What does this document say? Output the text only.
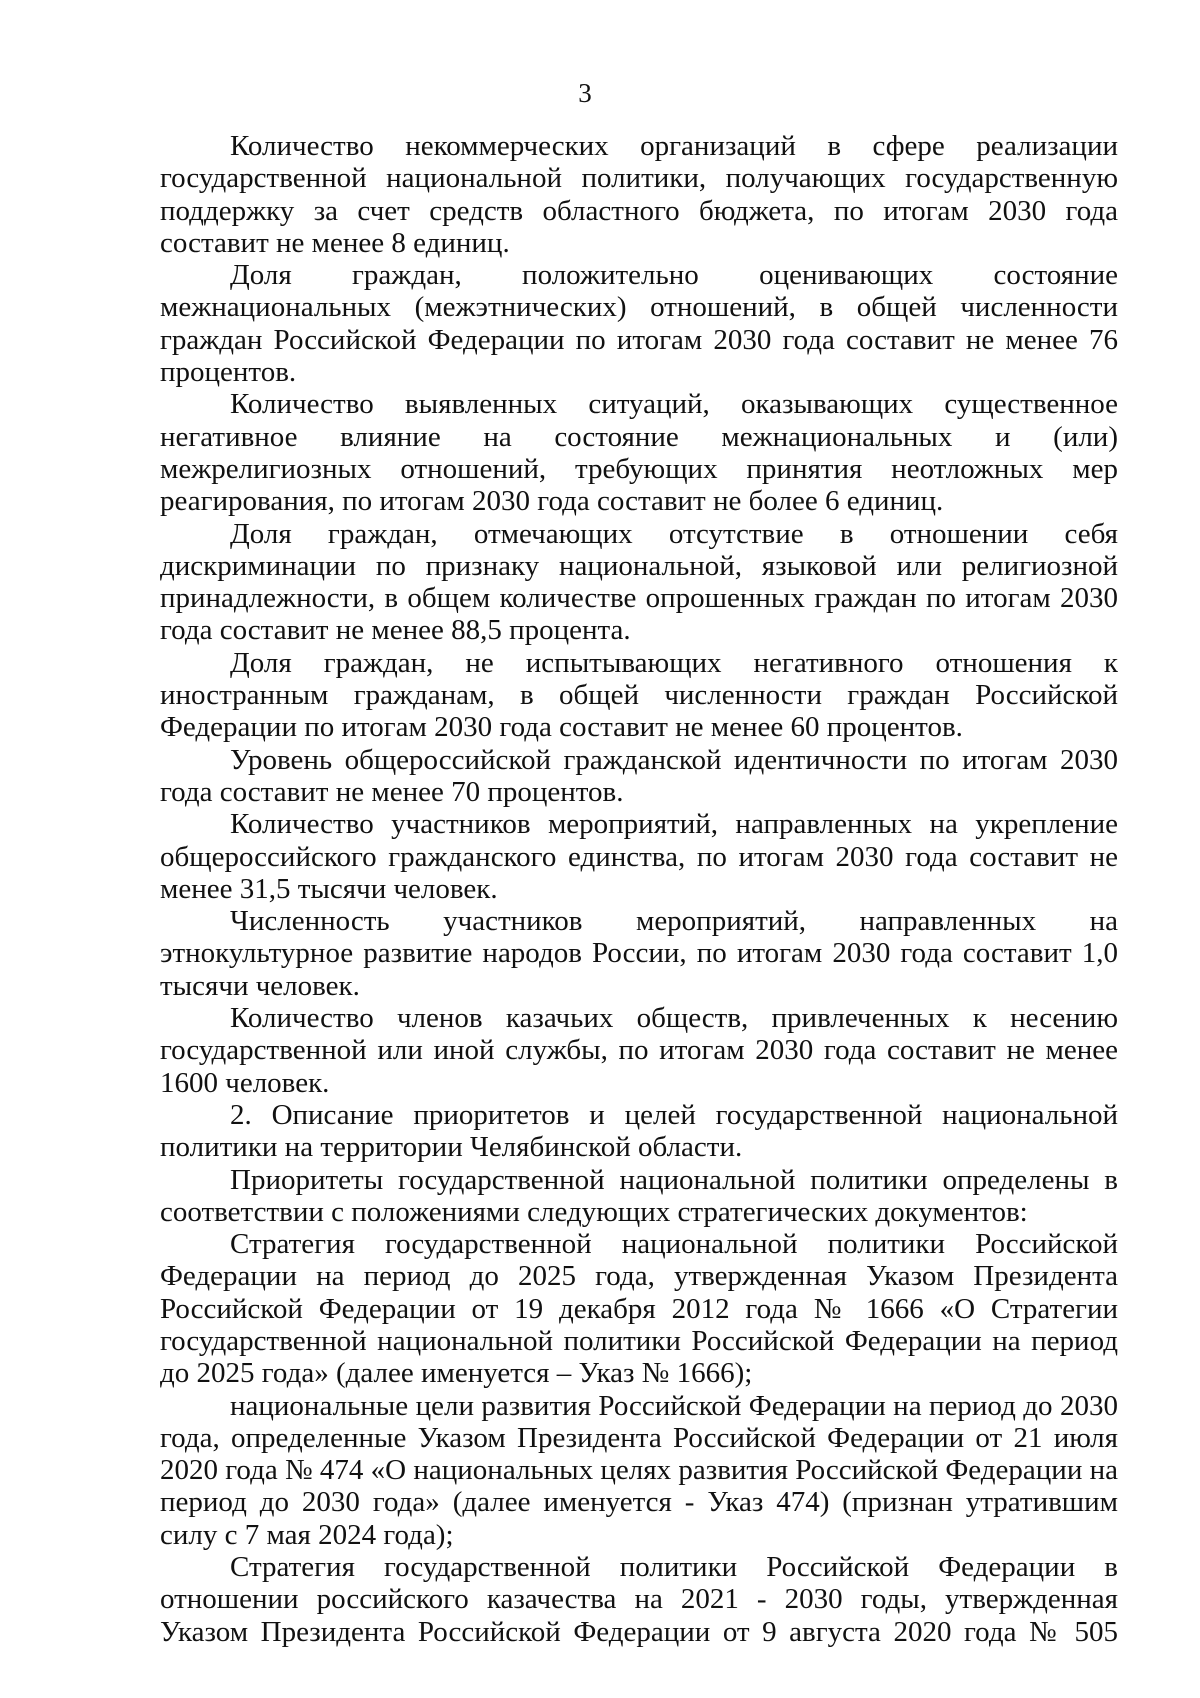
3

Количество некоммерческих организаций в сфере реализации государственной национальной политики, получающих государственную поддержку за счет средств областного бюджета, по итогам 2030 года составит не менее 8 единиц.

Доля граждан, положительно оценивающих состояние межнациональных (межэтнических) отношений, в общей численности граждан Российской Федерации по итогам 2030 года составит не менее 76 процентов.

Количество выявленных ситуаций, оказывающих существенное негативное влияние на состояние межнациональных и (или) межрелигиозных отношений, требующих принятия неотложных мер реагирования, по итогам 2030 года составит не более 6 единиц.

Доля граждан, отмечающих отсутствие в отношении себя дискриминации по признаку национальной, языковой или религиозной принадлежности, в общем количестве опрошенных граждан по итогам 2030 года составит не менее 88,5 процента.

Доля граждан, не испытывающих негативного отношения к иностранным гражданам, в общей численности граждан Российской Федерации по итогам 2030 года составит не менее 60 процентов.

Уровень общероссийской гражданской идентичности по итогам 2030 года составит не менее 70 процентов.

Количество участников мероприятий, направленных на укрепление общероссийского гражданского единства, по итогам 2030 года составит не менее 31,5 тысячи человек.

Численность участников мероприятий, направленных на этнокультурное развитие народов России, по итогам 2030 года составит 1,0 тысячи человек.

Количество членов казачьих обществ, привлеченных к несению государственной или иной службы, по итогам 2030 года составит не менее 1600 человек.

2. Описание приоритетов и целей государственной национальной политики на территории Челябинской области.

Приоритеты государственной национальной политики определены в соответствии с положениями следующих стратегических документов:

Стратегия государственной национальной политики Российской Федерации на период до 2025 года, утвержденная Указом Президента Российской Федерации от 19 декабря 2012 года № 1666 «О Стратегии государственной национальной политики Российской Федерации на период до 2025 года» (далее именуется – Указ № 1666);

национальные цели развития Российской Федерации на период до 2030 года, определенные Указом Президента Российской Федерации от 21 июля 2020 года № 474 «О национальных целях развития Российской Федерации на период до 2030 года» (далее именуется - Указ 474) (признан утратившим силу с 7 мая 2024 года);

Стратегия государственной политики Российской Федерации в отношении российского казачества на 2021 - 2030 годы, утвержденная Указом Президента Российской Федерации от 9 августа 2020 года № 505
